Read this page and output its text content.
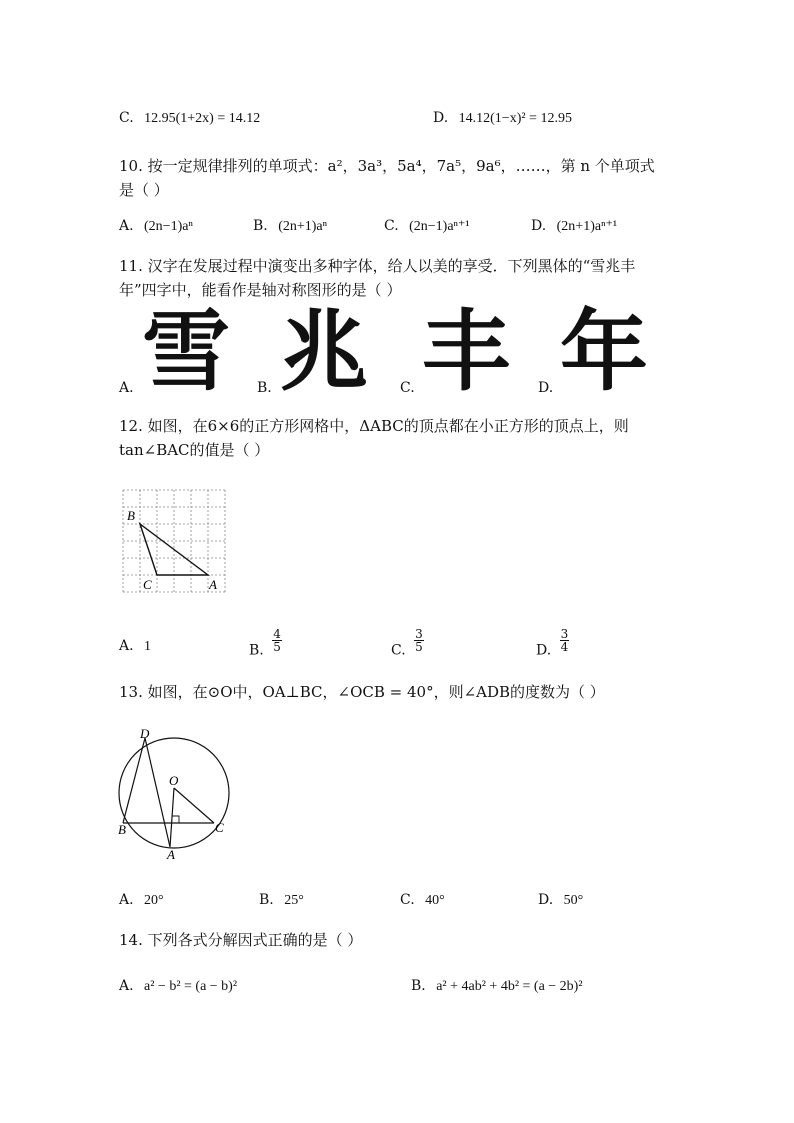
C. 12.95(1+2x) = 14.12	D. 14.12(1−x)² = 12.95
10. 按一定规律排列的单项式：a²，3a³，5a⁴，7a⁵，9a⁶，……，第 n 个单项式
是（ ）
A. (2n−1)aⁿ	B. (2n+1)aⁿ	C. (2n−1)aⁿ⁺¹	D. (2n+1)aⁿ⁺¹
11. 汉字在发展过程中演变出多种字体，给人以美的享受．下列黑体的“雪兆丰
年”四字中，能看作是轴对称图形的是（ ）
A. 雪 B. 兆 C. 丰 D. 年
12. 如图，在6×6的正方形网格中，ΔABC的顶点都在小正方形的顶点上，则
tan∠BAC的值是（ ）
B
C	A
A. 1	B. $\frac{4}{5}$	C. $\frac{3}{5}$	D. $\frac{3}{4}$
13. 如图，在⊙O中，OA⊥BC，∠OCB = 40°，则∠ADB的度数为（ ）
D
O
B	C
A
A. 20°	B. 25°	C. 40°	D. 50°
14. 下列各式分解因式正确的是（ ）
A. a² − b² = (a − b)²	B. a² + 4ab² + 4b² = (a − 2b)²
